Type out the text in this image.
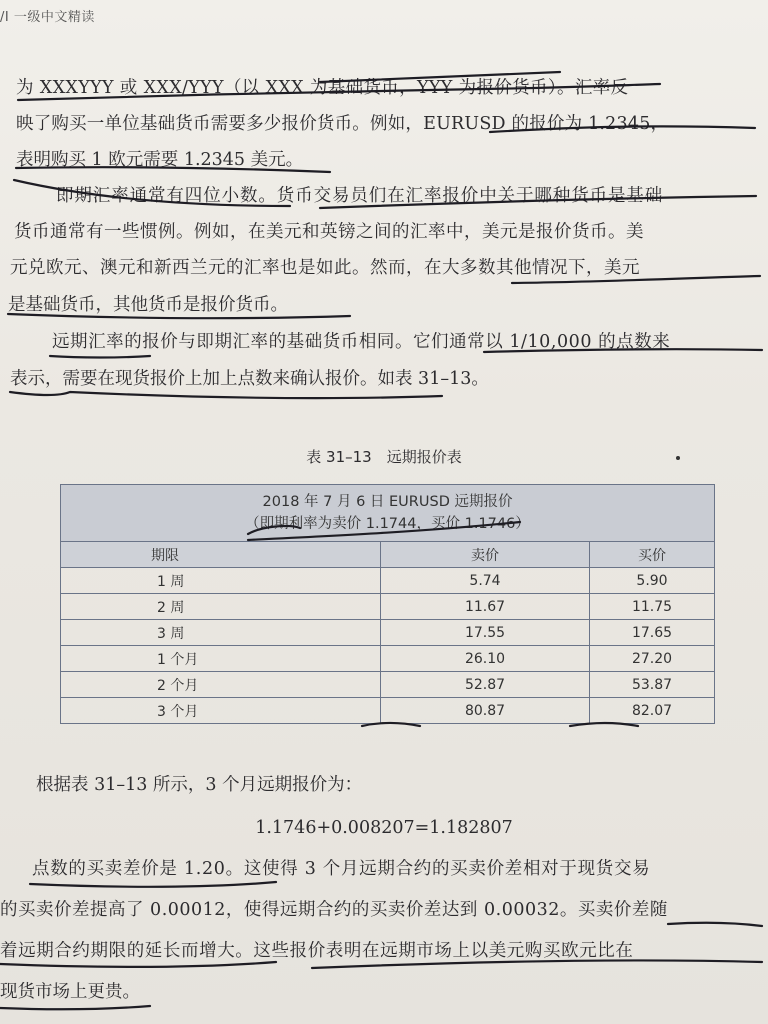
/I 一级中文精读
为 XXXYYY 或 XXX/YYY（以 XXX 为基础货币，YYY 为报价货币）。汇率反
映了购买一单位基础货币需要多少报价货币。例如，EURUSD 的报价为 1.2345，
表明购买 1 欧元需要 1.2345 美元。
即期汇率通常有四位小数。货币交易员们在汇率报价中关于哪种货币是基础
货币通常有一些惯例。例如，在美元和英镑之间的汇率中，美元是报价货币。美
元兑欧元、澳元和新西兰元的汇率也是如此。然而，在大多数其他情况下，美元
是基础货币，其他货币是报价货币。
远期汇率的报价与即期汇率的基础货币相同。它们通常以 1/10,000 的点数来
表示，需要在现货报价上加上点数来确认报价。如表 31–13。
表 31–13　远期报价表
2018 年 7 月 6 日 EURUSD 远期报价
（即期利率为卖价 1.1744，买价 1.1746）		

期限	卖价	买价
1 周	5.74	5.90
2 周	11.67	11.75
3 周	17.55	17.65
1 个月	26.10	27.20
2 个月	52.87	53.87
3 个月	80.87	82.07
根据表 31–13 所示，3 个月远期报价为：
1.1746+0.008207=1.182807
点数的买卖差价是 1.20。这使得 3 个月远期合约的买卖价差相对于现货交易
的买卖价差提高了 0.00012，使得远期合约的买卖价差达到 0.00032。买卖价差随
着远期合约期限的延长而增大。这些报价表明在远期市场上以美元购买欧元比在
现货市场上更贵。
